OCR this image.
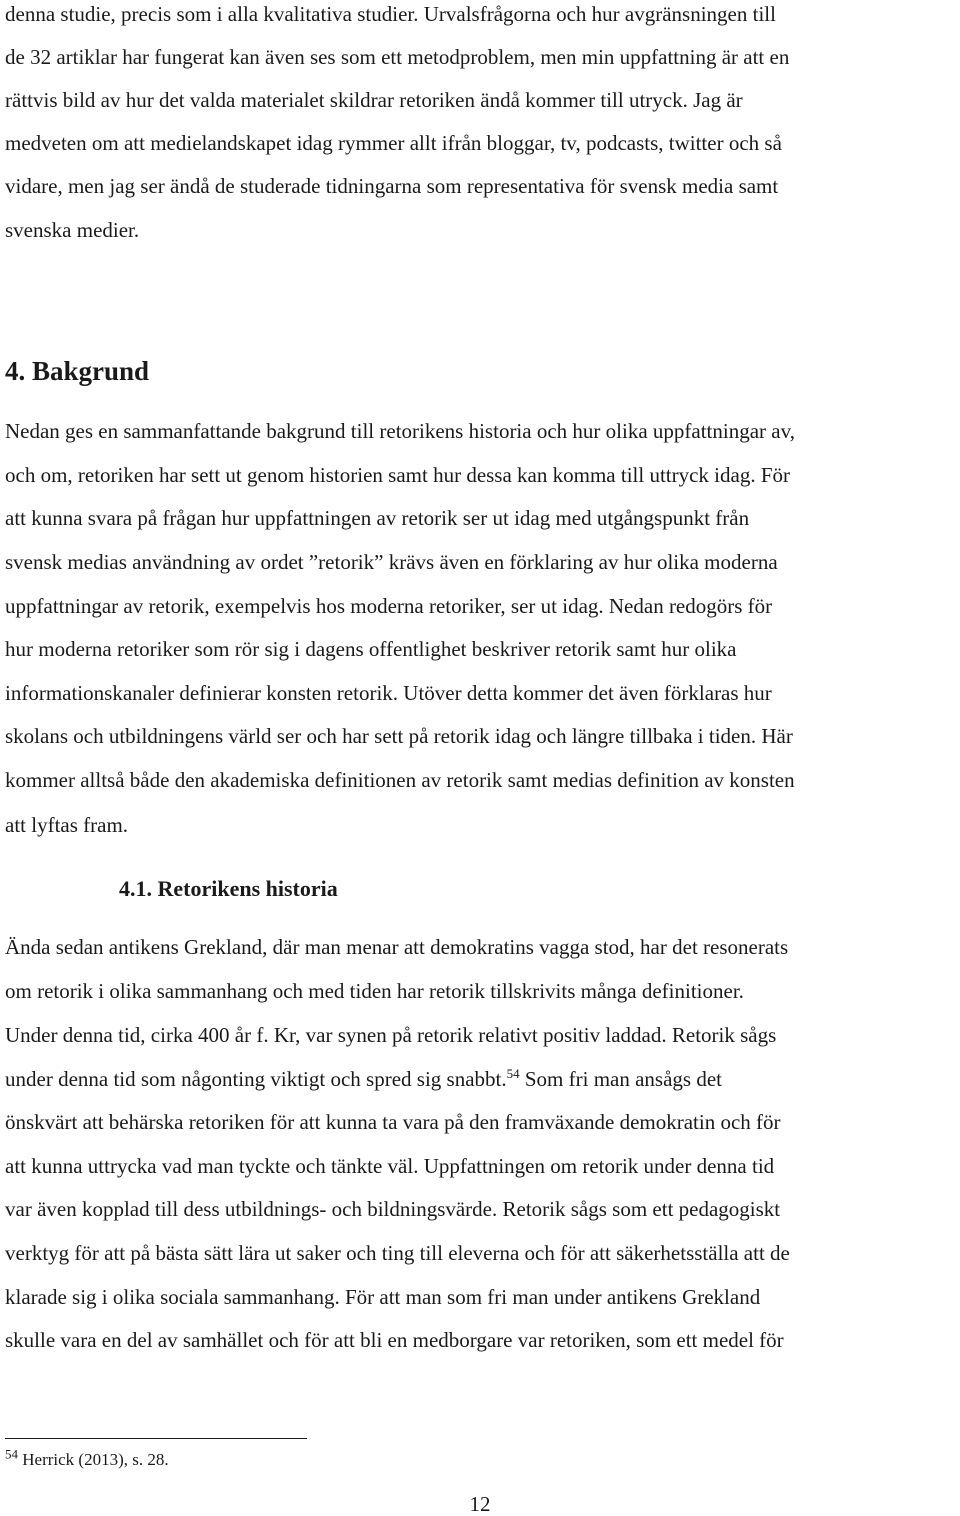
denna studie, precis som i alla kvalitativa studier. Urvalsfrågorna och hur avgränsningen till
de 32 artiklar har fungerat kan även ses som ett metodproblem, men min uppfattning är att en
rättvis bild av hur det valda materialet skildrar retoriken ändå kommer till utryck. Jag är
medveten om att medielandskapet idag rymmer allt ifrån bloggar, tv, podcasts, twitter och så
vidare, men jag ser ändå de studerade tidningarna som representativa för svensk media samt
svenska medier.
4. Bakgrund
Nedan ges en sammanfattande bakgrund till retorikens historia och hur olika uppfattningar av,
och om, retoriken har sett ut genom historien samt hur dessa kan komma till uttryck idag. För
att kunna svara på frågan hur uppfattningen av retorik ser ut idag med utgångspunkt från
svensk medias användning av ordet ”retorik” krävs även en förklaring av hur olika moderna
uppfattningar av retorik, exempelvis hos moderna retoriker, ser ut idag. Nedan redogörs för
hur moderna retoriker som rör sig i dagens offentlighet beskriver retorik samt hur olika
informationskanaler definierar konsten retorik. Utöver detta kommer det även förklaras hur
skolans och utbildningens värld ser och har sett på retorik idag och längre tillbaka i tiden. Här
kommer alltså både den akademiska definitionen av retorik samt medias definition av konsten
att lyftas fram.
4.1. Retorikens historia
Ända sedan antikens Grekland, där man menar att demokratins vagga stod, har det resonerats
om retorik i olika sammanhang och med tiden har retorik tillskrivits många definitioner.
Under denna tid, cirka 400 år f. Kr, var synen på retorik relativt positiv laddad. Retorik sågs
under denna tid som någonting viktigt och spred sig snabbt.$^{54}$ Som fri man ansågs det
önskvärt att behärska retoriken för att kunna ta vara på den framväxande demokratin och för
att kunna uttrycka vad man tyckte och tänkte väl. Uppfattningen om retorik under denna tid
var även kopplad till dess utbildnings- och bildningsvärde. Retorik sågs som ett pedagogiskt
verktyg för att på bästa sätt lära ut saker och ting till eleverna och för att säkerhetsställa att de
klarade sig i olika sociala sammanhang. För att man som fri man under antikens Grekland
skulle vara en del av samhället och för att bli en medborgare var retoriken, som ett medel för
$^{54}$ Herrick (2013), s. 28.
12
